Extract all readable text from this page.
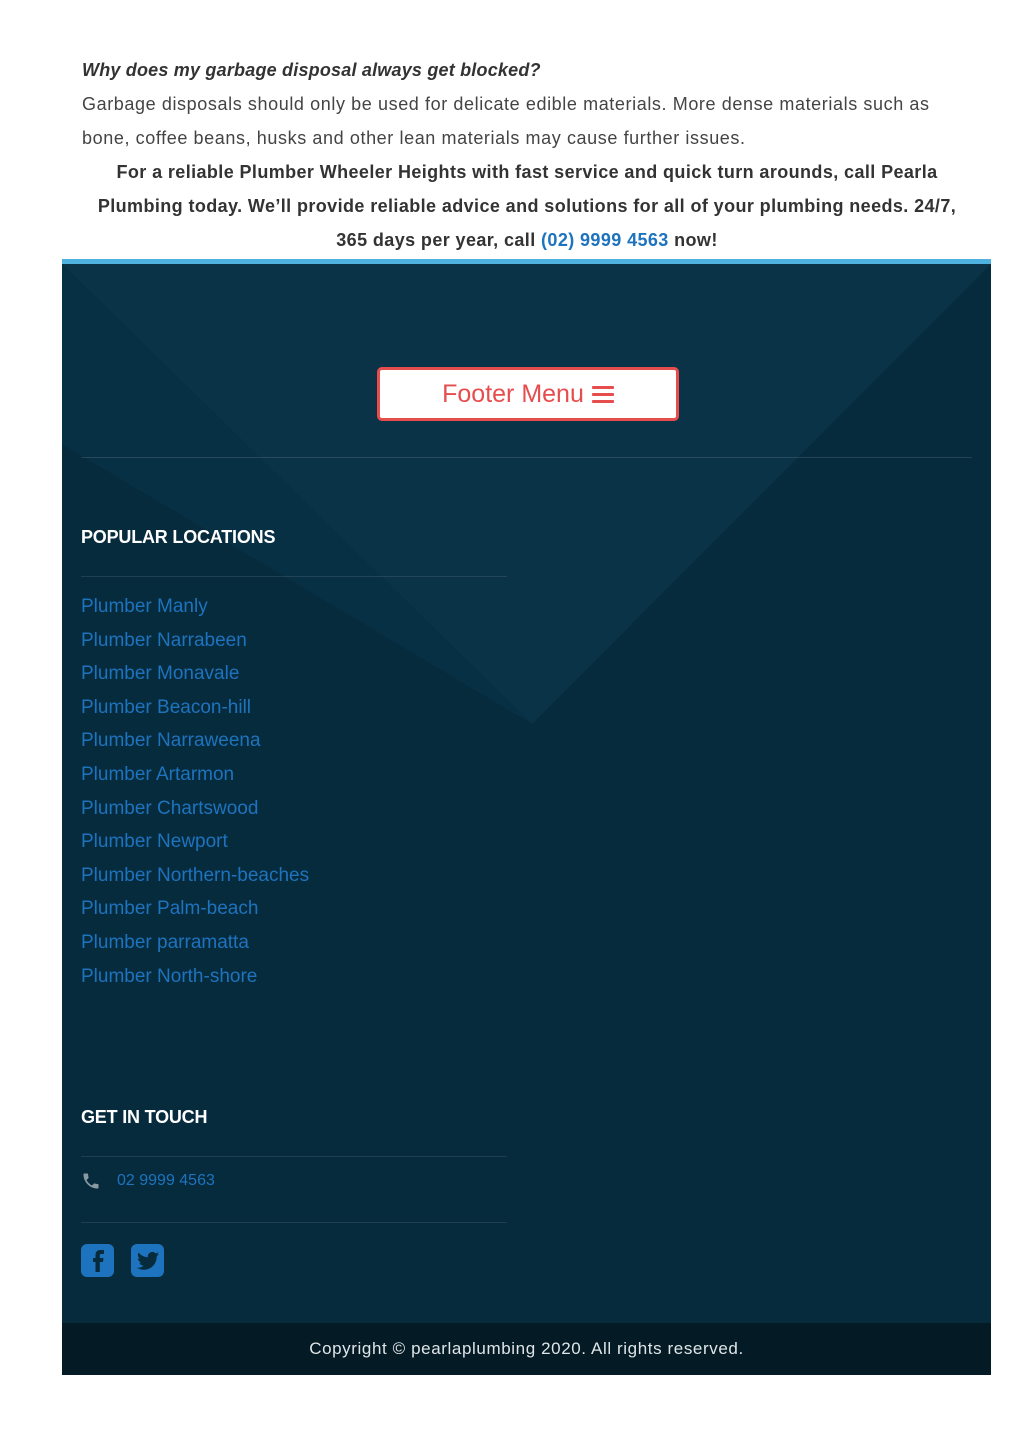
Why does my garbage disposal always get blocked?

Garbage disposals should only be used for delicate edible materials. More dense materials such as bone, coffee beans, husks and other lean materials may cause further issues.

For a reliable Plumber Wheeler Heights with fast service and quick turn arounds, call Pearla Plumbing today. We’ll provide reliable advice and solutions for all of your plumbing needs. 24/7, 365 days per year, call (02) 9999 4563 now!

Footer Menu
POPULAR LOCATIONS
Plumber Manly
Plumber Narrabeen
Plumber Monavale
Plumber Beacon-hill
Plumber Narraweena
Plumber Artarmon
Plumber Chartswood
Plumber Newport
Plumber Northern-beaches
Plumber Palm-beach
Plumber parramatta
Plumber North-shore
GET IN TOUCH
02 9999 4563
Copyright © pearlaplumbing 2020. All rights reserved.
